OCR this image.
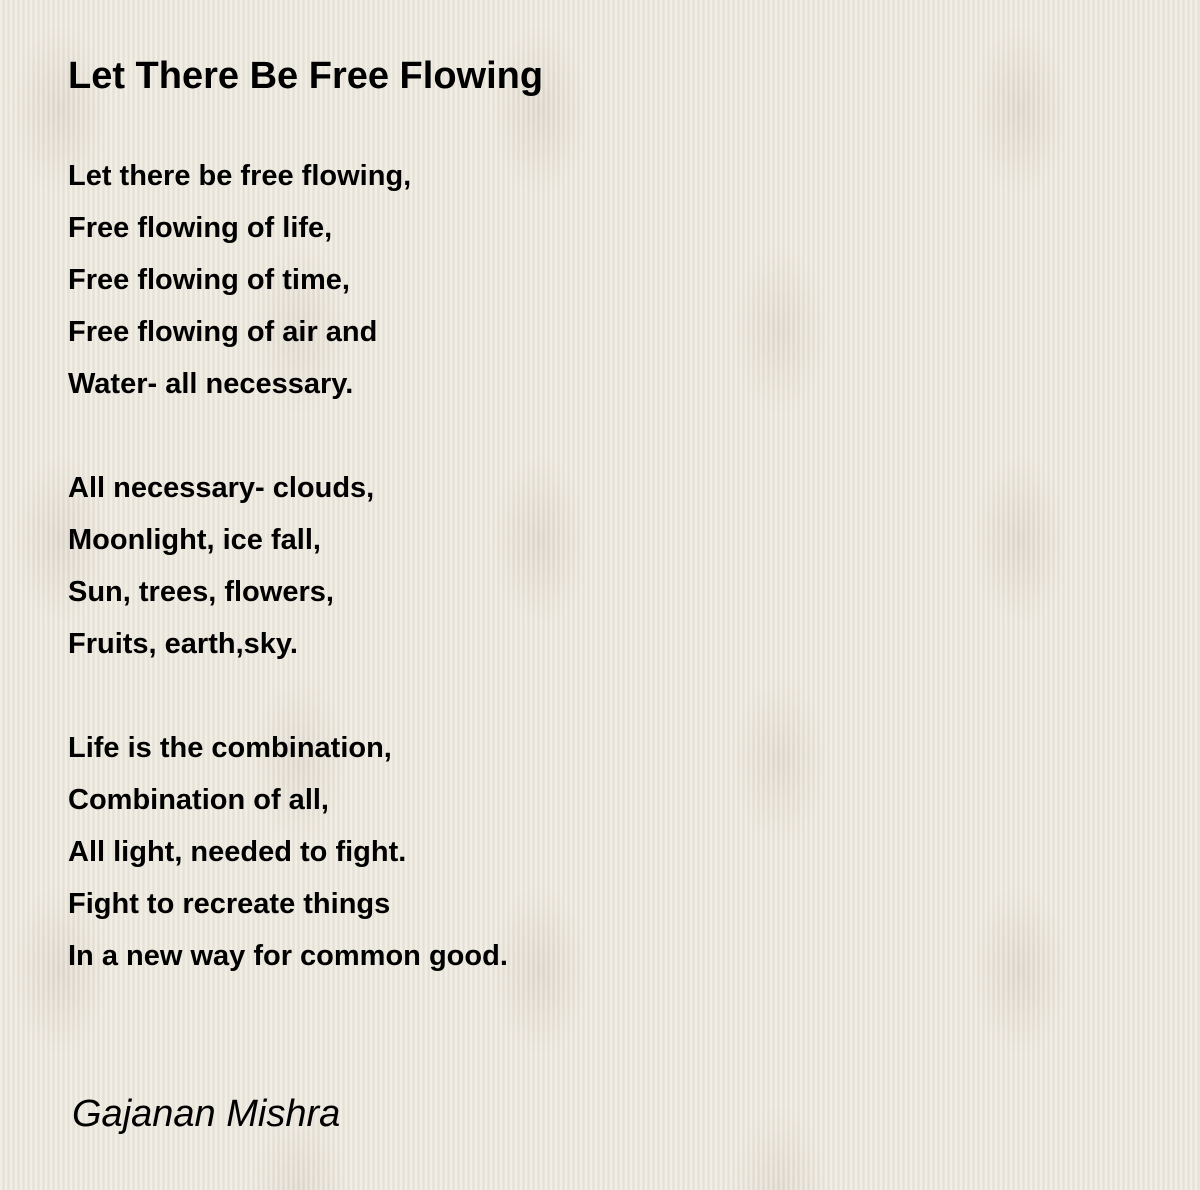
Let There Be Free Flowing
Let there be free flowing,
Free flowing of life,
Free flowing of time,
Free flowing of air and
Water- all necessary.
All necessary- clouds,
Moonlight, ice fall,
Sun, trees, flowers,
Fruits, earth,sky.
Life is the combination,
Combination of all,
All light, needed to fight.
Fight to recreate things
In a new way for common good.
Gajanan Mishra
